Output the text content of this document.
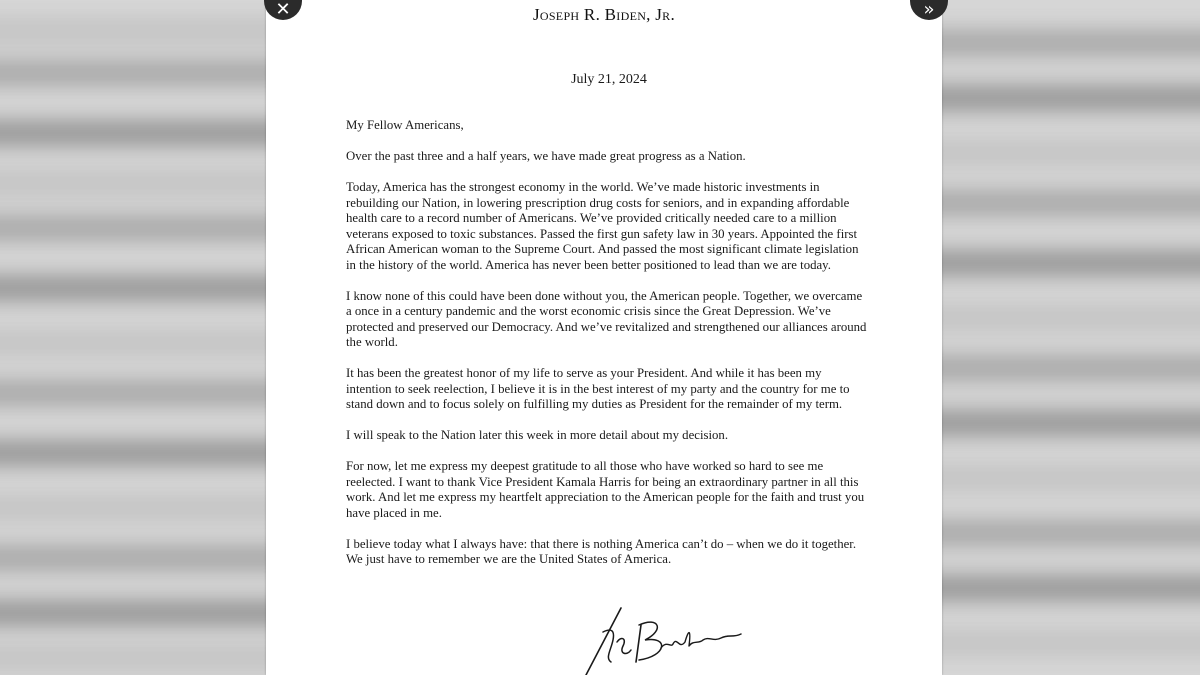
Joseph R. Biden, Jr.
July 21, 2024

My Fellow Americans,

Over the past three and a half years, we have made great progress as a Nation.

Today, America has the strongest economy in the world. We’ve made historic investments in rebuilding our Nation, in lowering prescription drug costs for seniors, and in expanding affordable health care to a record number of Americans. We’ve provided critically needed care to a million veterans exposed to toxic substances. Passed the first gun safety law in 30 years. Appointed the first African American woman to the Supreme Court. And passed the most significant climate legislation in the history of the world. America has never been better positioned to lead than we are today.

I know none of this could have been done without you, the American people. Together, we overcame a once in a century pandemic and the worst economic crisis since the Great Depression. We’ve protected and preserved our Democracy. And we’ve revitalized and strengthened our alliances around the world.

It has been the greatest honor of my life to serve as your President. And while it has been my intention to seek reelection, I believe it is in the best interest of my party and the country for me to stand down and to focus solely on fulfilling my duties as President for the remainder of my term.

I will speak to the Nation later this week in more detail about my decision.

For now, let me express my deepest gratitude to all those who have worked so hard to see me reelected. I want to thank Vice President Kamala Harris for being an extraordinary partner in all this work. And let me express my heartfelt appreciation to the American people for the faith and trust you have placed in me.

I believe today what I always have: that there is nothing America can’t do – when we do it together. We just have to remember we are the United States of America.

✕	»
